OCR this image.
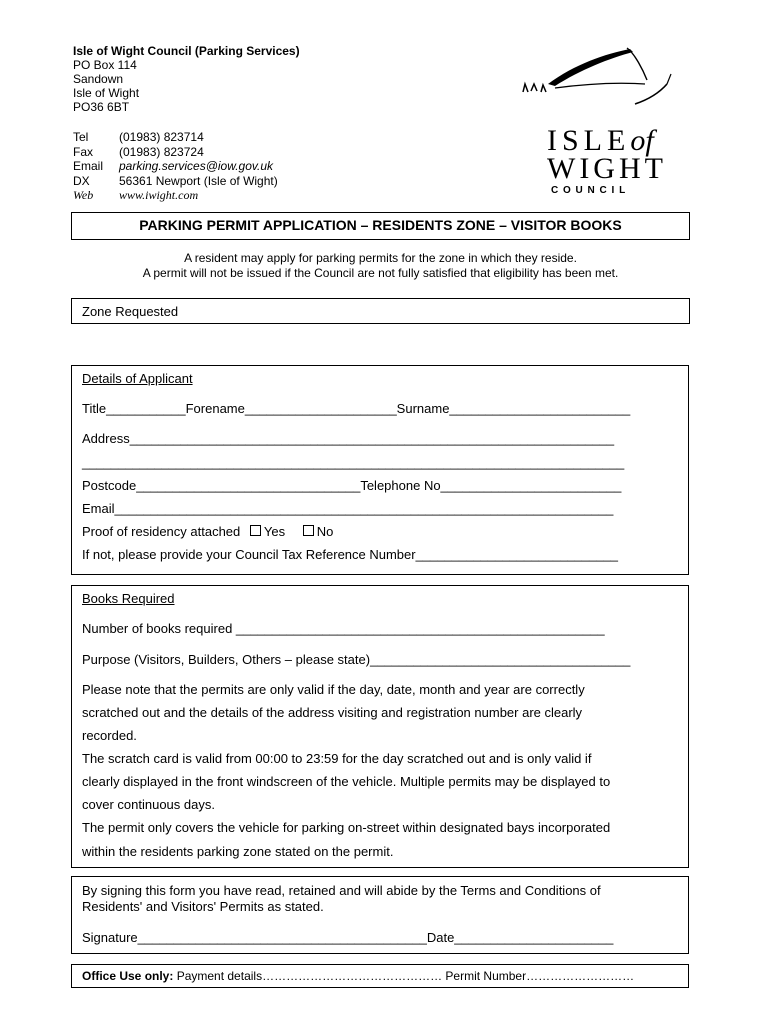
Isle of Wight Council (Parking Services)
PO Box 114
Sandown
Isle of Wight
PO36 6BT
Tel	(01983) 823714
Fax	(01983) 823724
Email	parking.services@iow.gov.uk
DX	56361 Newport (Isle of Wight)
Web	www.iwight.com
ISLEof
WIGHT
C O U N C I L
PARKING PERMIT APPLICATION – RESIDENTS ZONE – VISITOR BOOKS
A resident may apply for parking permits for the zone in which they reside.
A permit will not be issued if the Council are not fully satisfied that eligibility has been met.
Zone Requested
Details of Applicant
Title___________Forename_____________________Surname_________________________
Address___________________________________________________________________
___________________________________________________________________________
Postcode_______________________________Telephone No_________________________
Email_____________________________________________________________________
Proof of residency attached Yes No
If not, please provide your Council Tax Reference Number____________________________
Books Required
Number of books required ___________________________________________________
Purpose (Visitors, Builders, Others – please state)____________________________________
Please note that the permits are only valid if the day, date, month and year are correctly
scratched out and the details of the address visiting and registration number are clearly
recorded.
The scratch card is valid from 00:00 to 23:59 for the day scratched out and is only valid if
clearly displayed in the front windscreen of the vehicle. Multiple permits may be displayed to
cover continuous days.
The permit only covers the vehicle for parking on-street within designated bays incorporated
within the residents parking zone stated on the permit.
By signing this form you have read, retained and will abide by the Terms and Conditions of
Residents' and Visitors' Permits as stated.
Signature________________________________________Date______________________
Office Use only: Payment details……………………………………… Permit Number………………………
